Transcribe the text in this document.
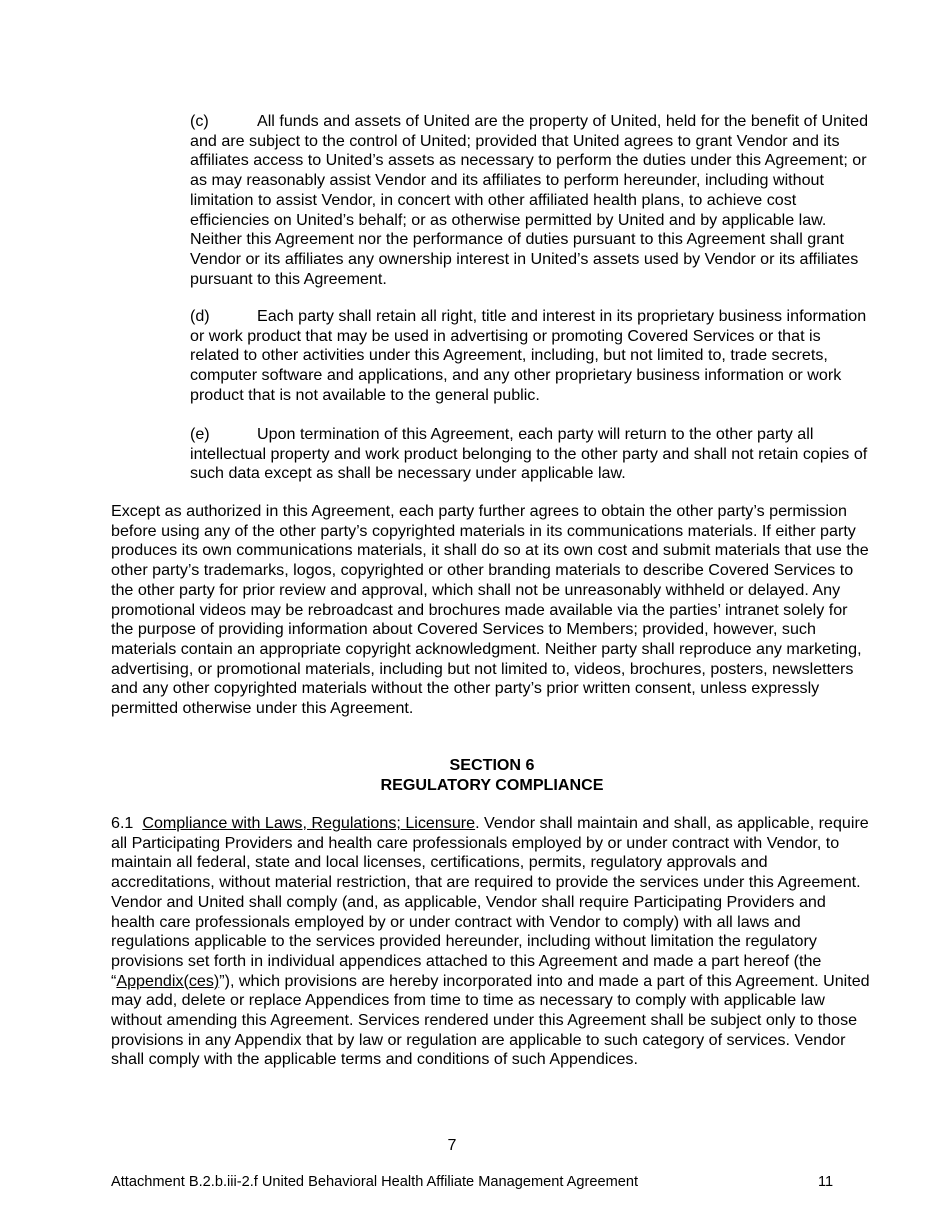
(c)	All funds and assets of United are the property of United, held for the benefit of United and are subject to the control of United; provided that United agrees to grant Vendor and its affiliates access to United’s assets as necessary to perform the duties under this Agreement; or as may reasonably assist Vendor and its affiliates to perform hereunder, including without limitation to assist Vendor, in concert with other affiliated health plans, to achieve cost efficiencies on United’s behalf; or as otherwise permitted by United and by applicable law. Neither this Agreement nor the performance of duties pursuant to this Agreement shall grant Vendor or its affiliates any ownership interest in United’s assets used by Vendor or its affiliates pursuant to this Agreement.
(d)	Each party shall retain all right, title and interest in its proprietary business information or work product that may be used in advertising or promoting Covered Services or that is related to other activities under this Agreement, including, but not limited to, trade secrets, computer software and applications, and any other proprietary business information or work product that is not available to the general public.
(e)	Upon termination of this Agreement, each party will return to the other party all intellectual property and work product belonging to the other party and shall not retain copies of such data except as shall be necessary under applicable law.
Except as authorized in this Agreement, each party further agrees to obtain the other party’s permission before using any of the other party’s copyrighted materials in its communications materials. If either party produces its own communications materials, it shall do so at its own cost and submit materials that use the other party’s trademarks, logos, copyrighted or other branding materials to describe Covered Services to the other party for prior review and approval, which shall not be unreasonably withheld or delayed. Any promotional videos may be rebroadcast and brochures made available via the parties’ intranet solely for the purpose of providing information about Covered Services to Members; provided, however, such materials contain an appropriate copyright acknowledgment. Neither party shall reproduce any marketing, advertising, or promotional materials, including but not limited to, videos, brochures, posters, newsletters and any other copyrighted materials without the other party’s prior written consent, unless expressly permitted otherwise under this Agreement.
SECTION 6
REGULATORY COMPLIANCE
6.1 Compliance with Laws, Regulations; Licensure. Vendor shall maintain and shall, as applicable, require all Participating Providers and health care professionals employed by or under contract with Vendor, to maintain all federal, state and local licenses, certifications, permits, regulatory approvals and accreditations, without material restriction, that are required to provide the services under this Agreement. Vendor and United shall comply (and, as applicable, Vendor shall require Participating Providers and health care professionals employed by or under contract with Vendor to comply) with all laws and regulations applicable to the services provided hereunder, including without limitation the regulatory provisions set forth in individual appendices attached to this Agreement and made a part hereof (the “Appendix(ces)”), which provisions are hereby incorporated into and made a part of this Agreement. United may add, delete or replace Appendices from time to time as necessary to comply with applicable law without amending this Agreement. Services rendered under this Agreement shall be subject only to those provisions in any Appendix that by law or regulation are applicable to such category of services. Vendor shall comply with the applicable terms and conditions of such Appendices.
7
Attachment B.2.b.iii-2.f United Behavioral Health Affiliate Management Agreement	11
